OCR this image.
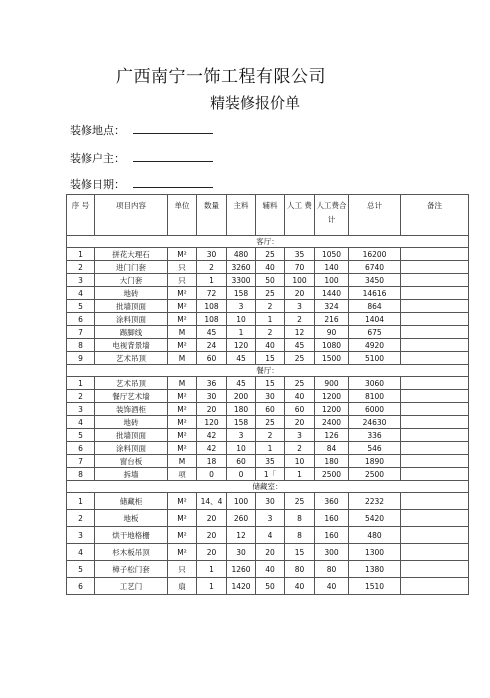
广西南宁一饰工程有限公司
精装修报价单
装修地点：
装修户主：
装修日期：
序 号	项目内容	单位	数量	主料	辅料	人工 费	人工费合 计	总计	备注
客厅：									
1	拼花大理石	M²	30	480	25	35	1050	16200	
2	进门门套	只	2	3260	40	70	140	6740	
3	大门套	只	1	3300	50	100	100	3450	
4	地砖	M²	72	158	25	20	1440	14616	
5	批墙顶面	M²	108	3	2	3	324	864	
6	涂料顶面	M²	108	10	1	2	216	1404	
7	踢脚线	M	45	1	2	12	90	675	
8	电视背景墙	M²	24	120	40	45	1080	4920	
9	艺术吊顶	M	60	45	15	25	1500	5100	
餐厅：									
1	艺术吊顶	M	36	45	15	25	900	3060	
2	餐厅艺术墙	M²	30	200	30	40	1200	8100	
3	装饰酒柜	M²	20	180	60	60	1200	6000	
4	地砖	M²	120	158	25	20	2400	24630	
5	批墙顶面	M²	42	3	2	3	126	336	
6	涂料顶面	M²	42	10	1	2	84	546	
7	窗台板	M	18	60	35	10	180	1890	
8	拆墙	项	0	0	1「	1	2500	2500	
储藏室：									
1	储藏柜	M²	14、4	100	30	25	360	2232	
2	地板	M²	20	260	3	8	160	5420	
3	烘干地格栅	M²	20	12	4	8	160	480	
4	杉木板吊顶	M²	20	30	20	15	300	1300	
5	樟子松门套	只	1	1260	40	80	80	1380	
6	工艺门	扇	1	1420	50	40	40	1510	
